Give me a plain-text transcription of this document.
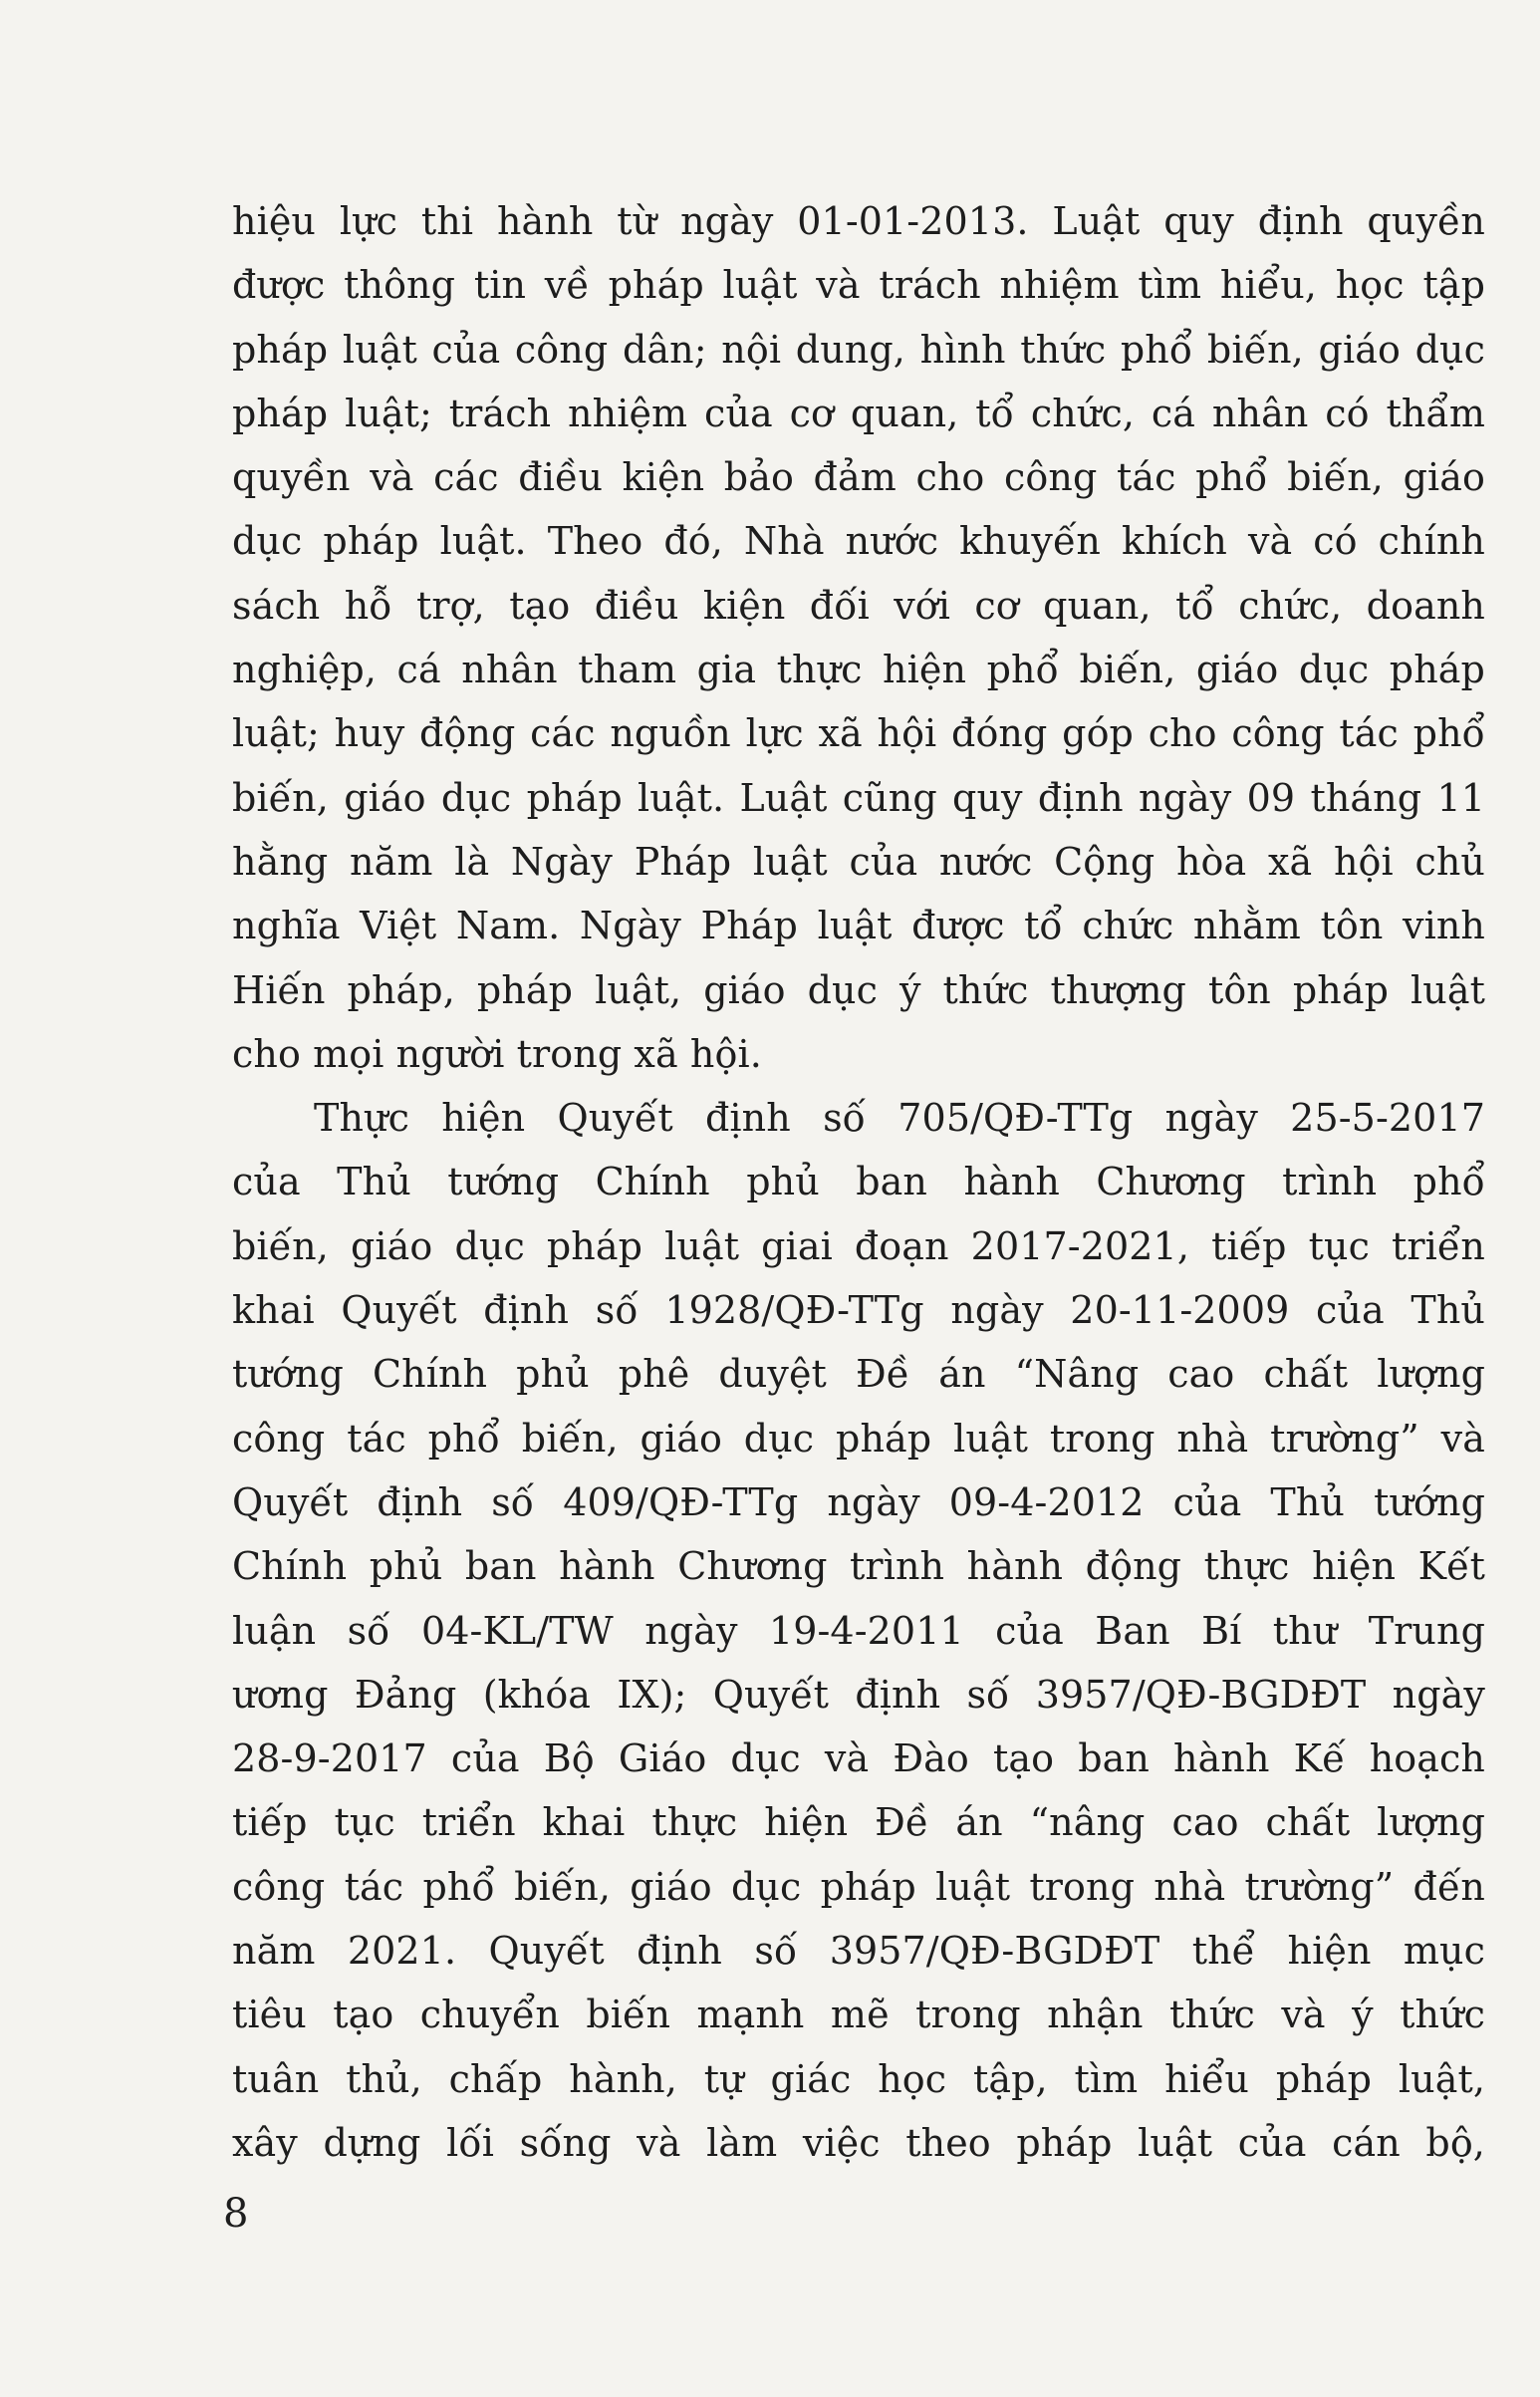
hiệu lực thi hành từ ngày 01-01-2013. Luật quy định quyền
được thông tin về pháp luật và trách nhiệm tìm hiểu, học tập
pháp luật của công dân; nội dung, hình thức phổ biến, giáo dục
pháp luật; trách nhiệm của cơ quan, tổ chức, cá nhân có thẩm
quyền và các điều kiện bảo đảm cho công tác phổ biến, giáo
dục pháp luật. Theo đó, Nhà nước khuyến khích và có chính
sách hỗ trợ, tạo điều kiện đối với cơ quan, tổ chức, doanh
nghiệp, cá nhân tham gia thực hiện phổ biến, giáo dục pháp
luật; huy động các nguồn lực xã hội đóng góp cho công tác phổ
biến, giáo dục pháp luật. Luật cũng quy định ngày 09 tháng 11
hằng năm là Ngày Pháp luật của nước Cộng hòa xã hội chủ
nghĩa Việt Nam. Ngày Pháp luật được tổ chức nhằm tôn vinh
Hiến pháp, pháp luật, giáo dục ý thức thượng tôn pháp luật
cho mọi người trong xã hội.
Thực hiện Quyết định số 705/QĐ-TTg ngày 25-5-2017
của Thủ tướng Chính phủ ban hành Chương trình phổ
biến, giáo dục pháp luật giai đoạn 2017-2021, tiếp tục triển
khai Quyết định số 1928/QĐ-TTg ngày 20-11-2009 của Thủ
tướng Chính phủ phê duyệt Đề án “Nâng cao chất lượng
công tác phổ biến, giáo dục pháp luật trong nhà trường” và
Quyết định số 409/QĐ-TTg ngày 09-4-2012 của Thủ tướng
Chính phủ ban hành Chương trình hành động thực hiện Kết
luận số 04-KL/TW ngày 19-4-2011 của Ban Bí thư Trung
ương Đảng (khóa IX); Quyết định số 3957/QĐ-BGDĐT ngày
28-9-2017 của Bộ Giáo dục và Đào tạo ban hành Kế hoạch
tiếp tục triển khai thực hiện Đề án “nâng cao chất lượng
công tác phổ biến, giáo dục pháp luật trong nhà trường” đến
năm 2021. Quyết định số 3957/QĐ-BGDĐT thể hiện mục
tiêu tạo chuyển biến mạnh mẽ trong nhận thức và ý thức
tuân thủ, chấp hành, tự giác học tập, tìm hiểu pháp luật,
xây dựng lối sống và làm việc theo pháp luật của cán bộ,
8
